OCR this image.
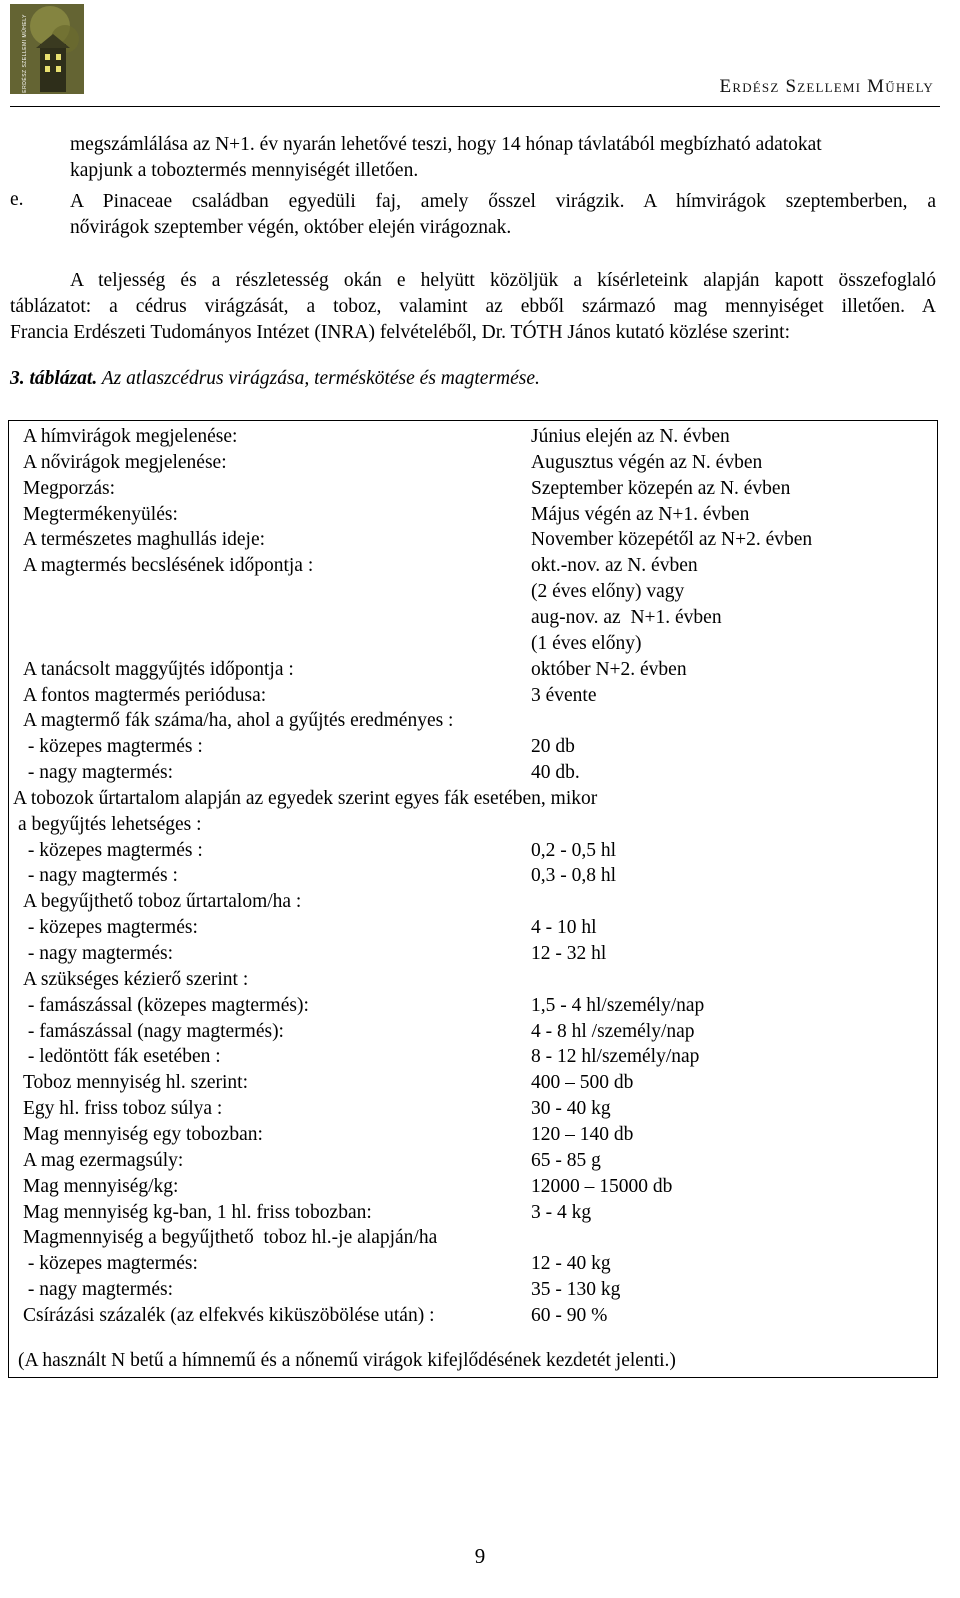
ERDÉSZ SZELLEMI MŰHELY	Erdész Szellemi Műhely
megszámlálása az N+1. év nyarán lehetővé teszi, hogy 14 hónap távlatából megbízható adatokat
kapjunk a toboztermés mennyiségét illetően.
e. A Pinaceae családban egyedüli faj, amely ősszel virágzik. A hímvirágok szeptemberben, a
nővirágok szeptember végén, október elején virágoznak.
A teljesség és a részletesség okán e helyütt közöljük a kísérleteink alapján kapott összefoglaló
táblázatot: a cédrus virágzását, a toboz, valamint az ebből származó mag mennyiséget illetően. A
Francia Erdészeti Tudományos Intézet (INRA) felvételéből, Dr. TÓTH János kutató közlése szerint:
3. táblázat. Az atlaszcédrus virágzása, terméskötése és magtermése.
A hímvirágok megjelenése:	Június elején az N. évben
A nővirágok megjelenése:	Augusztus végén az N. évben
Megporzás:	Szeptember közepén az N. évben
Megtermékenyülés:	Május végén az N+1. évben
A természetes maghullás ideje:	November közepétől az N+2. évben
A magtermés becslésének időpontja :	okt.-nov. az N. évben
(2 éves előny) vagy
aug-nov. az  N+1. évben
(1 éves előny)
A tanácsolt maggyűjtés időpontja :	október N+2. évben
A fontos magtermés periódusa:	3 évente
A magtermő fák száma/ha, ahol a gyűjtés eredményes :
- közepes magtermés :	20 db
- nagy magtermés:	40 db.
A tobozok űrtartalom alapján az egyedek szerint egyes fák esetében, mikor
a begyűjtés lehetséges :
- közepes magtermés :	0,2 - 0,5 hl
- nagy magtermés :	0,3 - 0,8 hl
A begyűjthető toboz űrtartalom/ha :
- közepes magtermés:	4 - 10 hl
- nagy magtermés:	12 - 32 hl
A szükséges kézierő szerint :
- famászással (közepes magtermés):	1,5 - 4 hl/személy/nap
- famászással (nagy magtermés):	4 - 8 hl /személy/nap
- ledöntött fák esetében :	8 - 12 hl/személy/nap
Toboz mennyiség hl. szerint:	400 – 500 db
Egy hl. friss toboz súlya :	30 - 40 kg
Mag mennyiség egy tobozban:	120 – 140 db
A mag ezermagsúly:	65 - 85 g
Mag mennyiség/kg:	12000 – 15000 db
Mag mennyiség kg-ban, 1 hl. friss tobozban:	3 - 4 kg
Magmennyiség a begyűjthető  toboz hl.-je alapján/ha
- közepes magtermés:	12 - 40 kg
- nagy magtermés:	35 - 130 kg
Csírázási százalék (az elfekvés kiküszöbölése után) :	60 - 90 %
(A használt N betű a hímnemű és a nőnemű virágok kifejlődésének kezdetét jelenti.)
9
